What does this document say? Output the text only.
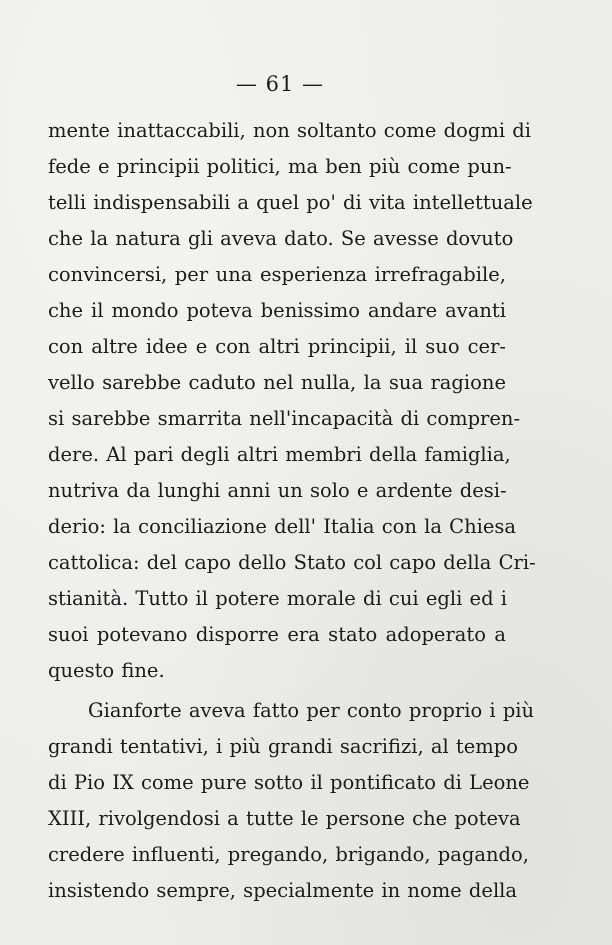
— 61 —
mente inattaccabili, non soltanto come dogmi di
fede e principii politici, ma ben più come pun-
telli indispensabili a quel po' di vita intellettuale
che la natura gli aveva dato. Se avesse dovuto
convincersi, per una esperienza irrefragabile,
che il mondo poteva benissimo andare avanti
con altre idee e con altri principii, il suo cer-
vello sarebbe caduto nel nulla, la sua ragione
si sarebbe smarrita nell'incapacità di compren-
dere. Al pari degli altri membri della famiglia,
nutriva da lunghi anni un solo e ardente desi-
derio: la conciliazione dell' Italia con la Chiesa
cattolica: del capo dello Stato col capo della Cri-
stianità. Tutto il potere morale di cui egli ed i
suoi potevano disporre era stato adoperato a
questo fine.
Gianforte aveva fatto per conto proprio i più
grandi tentativi, i più grandi sacrifizi, al tempo
di Pio IX come pure sotto il pontificato di Leone
XIII, rivolgendosi a tutte le persone che poteva
credere influenti, pregando, brigando, pagando,
insistendo sempre, specialmente in nome della
